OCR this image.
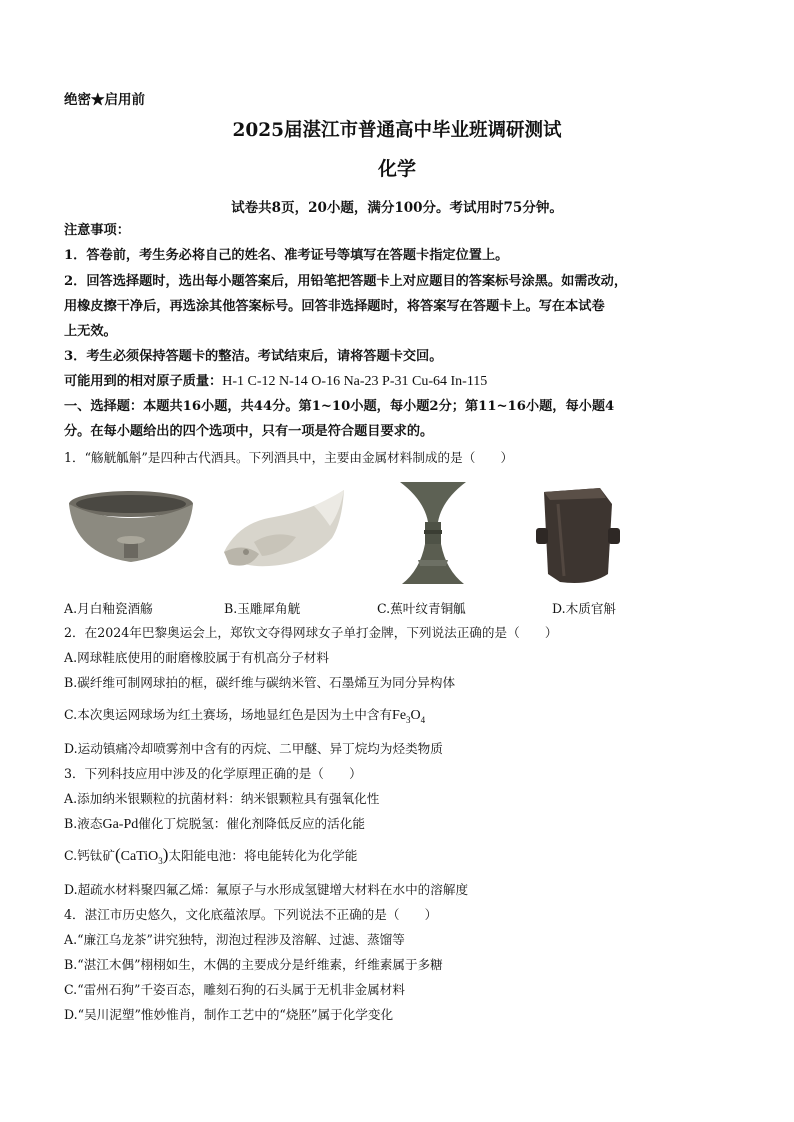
绝密★启用前
2025届湛江市普通高中毕业班调研测试
化学
试卷共8页，20小题，满分100分。考试用时75分钟。
注意事项：
1．答卷前，考生务必将自己的姓名、准考证号等填写在答题卡指定位置上。
2．回答选择题时，选出每小题答案后，用铅笔把答题卡上对应题目的答案标号涂黑。如需改动，
用橡皮擦干净后，再选涂其他答案标号。回答非选择题时，将答案写在答题卡上。写在本试卷
上无效。
3．考生必须保持答题卡的整洁。考试结束后，请将答题卡交回。
可能用到的相对原子质量：H-1 C-12 N-14 O-16 Na-23 P-31 Cu-64 In-115
一、选择题：本题共16小题，共44分。第1~10小题，每小题2分；第11~16小题，每小题4
分。在每小题给出的四个选项中，只有一项是符合题目要求的。
1．“觞觥觚斛”是四种古代酒具。下列酒具中，主要由金属材料制成的是（　　）
A.月白釉瓷酒觞	B.玉雕犀角觥	C.蕉叶纹青铜觚	D.木质官斛
2．在2024年巴黎奥运会上，郑钦文夺得网球女子单打金牌，下列说法正确的是（　　）
A.网球鞋底使用的耐磨橡胶属于有机高分子材料
B.碳纤维可制网球拍的框，碳纤维与碳纳米管、石墨烯互为同分异构体
C.本次奥运网球场为红土赛场，场地显红色是因为土中含有$Fe_3O_4$
D.运动镇痛冷却喷雾剂中含有的丙烷、二甲醚、异丁烷均为烃类物质
3．下列科技应用中涉及的化学原理正确的是（　　）
A.添加纳米银颗粒的抗菌材料：纳米银颗粒具有强氧化性
B.液态Ga-Pd催化丁烷脱氢：催化剂降低反应的活化能
C.钙钛矿(CaTiO$_3$)太阳能电池：将电能转化为化学能
D.超疏水材料聚四氟乙烯：氟原子与水形成氢键增大材料在水中的溶解度
4．湛江市历史悠久，文化底蕴浓厚。下列说法不正确的是（　　）
A.“廉江乌龙茶”讲究独特，沏泡过程涉及溶解、过滤、蒸馏等
B.“湛江木偶”栩栩如生，木偶的主要成分是纤维素，纤维素属于多糖
C.“雷州石狗”千姿百态，雕刻石狗的石头属于无机非金属材料
D.“吴川泥塑”惟妙惟肖，制作工艺中的“烧胚”属于化学变化
